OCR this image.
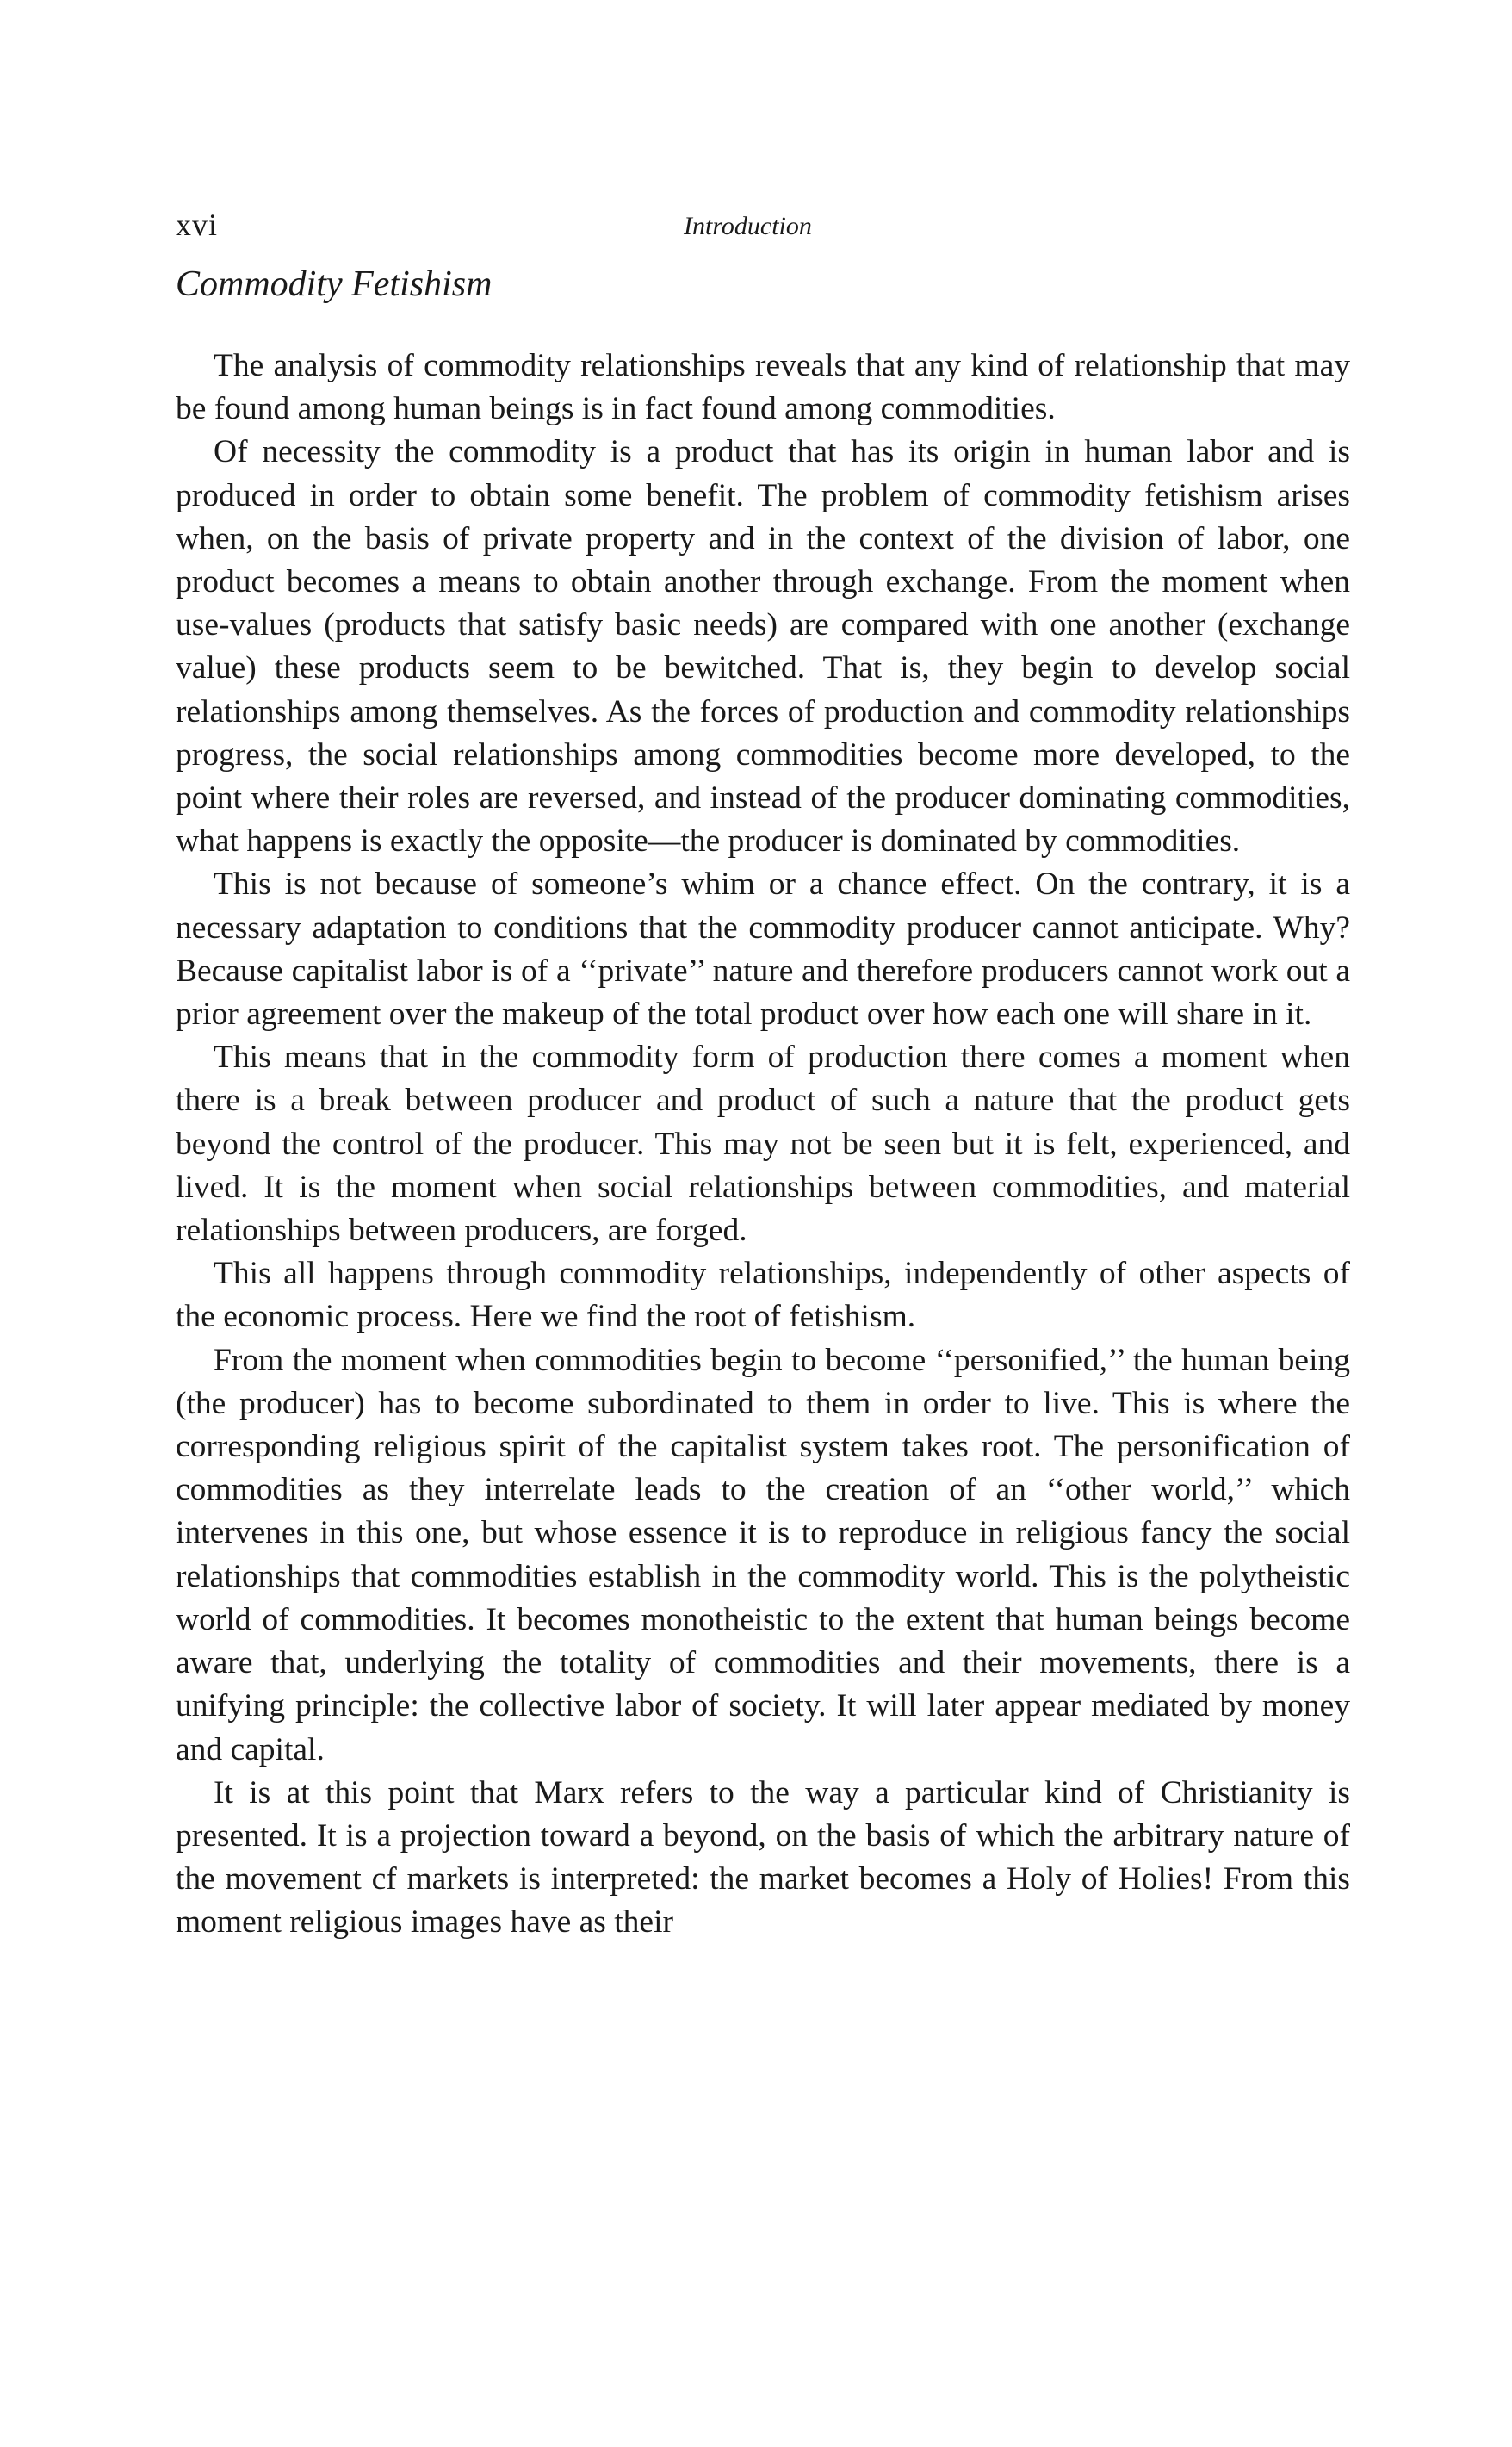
xvi	Introduction
Commodity Fetishism

The analysis of commodity relationships reveals that any kind of relationship that may be found among human beings is in fact found among commodities.

Of necessity the commodity is a product that has its origin in human labor and is produced in order to obtain some benefit. The problem of commodity fetishism arises when, on the basis of private property and in the context of the division of labor, one product becomes a means to obtain another through exchange. From the moment when use-values (products that satisfy basic needs) are compared with one another (exchange value) these products seem to be bewitched. That is, they begin to develop social relationships among themselves. As the forces of production and commodity relationships progress, the social relationships among commodities become more developed, to the point where their roles are reversed, and instead of the producer dominating commodities, what happens is exactly the opposite—the producer is dominated by commodities.

This is not because of someone’s whim or a chance effect. On the contrary, it is a necessary adaptation to conditions that the commodity producer cannot anticipate. Why? Because capitalist labor is of a ‘‘private’’ nature and therefore producers cannot work out a prior agreement over the makeup of the total product over how each one will share in it.

This means that in the commodity form of production there comes a moment when there is a break between producer and product of such a nature that the product gets beyond the control of the producer. This may not be seen but it is felt, experienced, and lived. It is the moment when social relationships between commodities, and material relationships between producers, are forged.

This all happens through commodity relationships, independently of other aspects of the economic process. Here we find the root of fetishism.

From the moment when commodities begin to become ‘‘personified,’’ the human being (the producer) has to become subordinated to them in order to live. This is where the corresponding religious spirit of the capitalist system takes root. The personification of commodities as they interrelate leads to the creation of an ‘‘other world,’’ which intervenes in this one, but whose essence it is to reproduce in religious fancy the social relationships that commodities establish in the commodity world. This is the polytheistic world of commodities. It becomes monotheistic to the extent that human beings become aware that, underlying the totality of commodities and their movements, there is a unifying principle: the collective labor of society. It will later appear mediated by money and capital.

It is at this point that Marx refers to the way a particular kind of Christianity is presented. It is a projection toward a beyond, on the basis of which the arbitrary nature of the movement cf markets is interpreted: the market becomes a Holy of Holies! From this moment religious images have as their
